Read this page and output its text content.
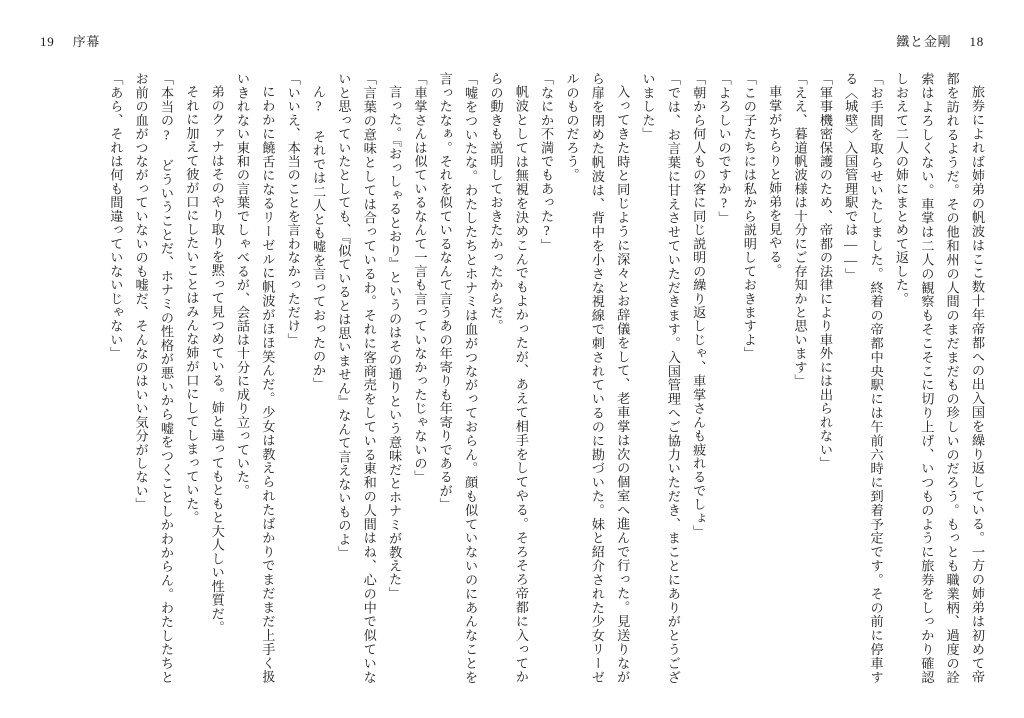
19 序幕	鐵と金剛 18

旅券によれば姉弟の帆波はここ数十年帝都への出入国を繰り返している。一方の姉弟は初めて帝都を訪れるようだ。その他和州の人間のまだまだもの珍しいのだろう。もっとも職業柄、過度の詮索はよろしくない。車掌は二人の観察もそこそこに切り上げ、いつものように旅券をしっかり確認しおえて二人の姉にまとめて返した。

「お手間を取らせいたしました。終着の帝都中央駅には午前六時に到着予定です。その前に停車する〈城壁〉入国管理駅では――」

「軍事機密保護のため、帝都の法律により車外には出られない」

「ええ、暮道帆波様は十分にご存知かと思います」

車掌がちらりと姉弟を見やる。

「この子たちには私から説明しておきますよ」

「よろしいのですか?」

「朝から何人もの客に同じ説明の繰り返しじゃ、車掌さんも疲れるでしょ」

「では、お言葉に甘えさせていただきます。入国管理へご協力いただき、まことにありがとうございました」

入ってきた時と同じように深々とお辞儀をして、老車掌は次の個室へ進んで行った。見送りながら扉を閉めた帆波は、背中を小さな視線で刺されているのに勘づいた。妹と紹介された少女リーゼルのものだろう。

「なにか不満でもあった?」

帆波としては無視を決めこんでもよかったが、あえて相手をしてやる。そろそろ帝都に入ってからの動きも説明しておきたかったからだ。

「嘘をついたな。わたしたちとホナミは血がつながっておらん。顔も似ていないのにあんなことを言ったなぁ。それを似ているなんて言うあの年寄りも年寄りであるが」

「車掌さんは似ているなんて一言も言っていなかったじゃないの」

言った。『おっしゃるとおり』というのはその通りという意味だとホナミが教えた」

「言葉の意味としては合っているわ。それに客商売をしている東和の人間はね、心の中で似ていないと思っていたとしても、『似ているとは思いません』なんて言えないものよ」

ん? それでは二人とも嘘を言っておったのか」

「いいえ、本当のことを言わなかっただけ」

にわかに饒舌になるリーゼルに帆波がほほ笑んだ。少女は教えられたばかりでまだまだ上手く扱いきれない東和の言葉でしゃべるが、会話は十分に成り立っていた。

弟のクァナはそのやり取りを黙って見つめている。姉と違ってもともと大人しい性質だ。

それに加えて彼が口にしたいことはみんな姉が口にしてしまっていた。

「本当の? どういうことだ、ホナミの性格が悪いから嘘をつくことしかわからん。わたしたちとお前の血がつながっていないのも嘘だ、そんなのはいい気分がしない」

「あら、それは何も間違っていないじゃない」
